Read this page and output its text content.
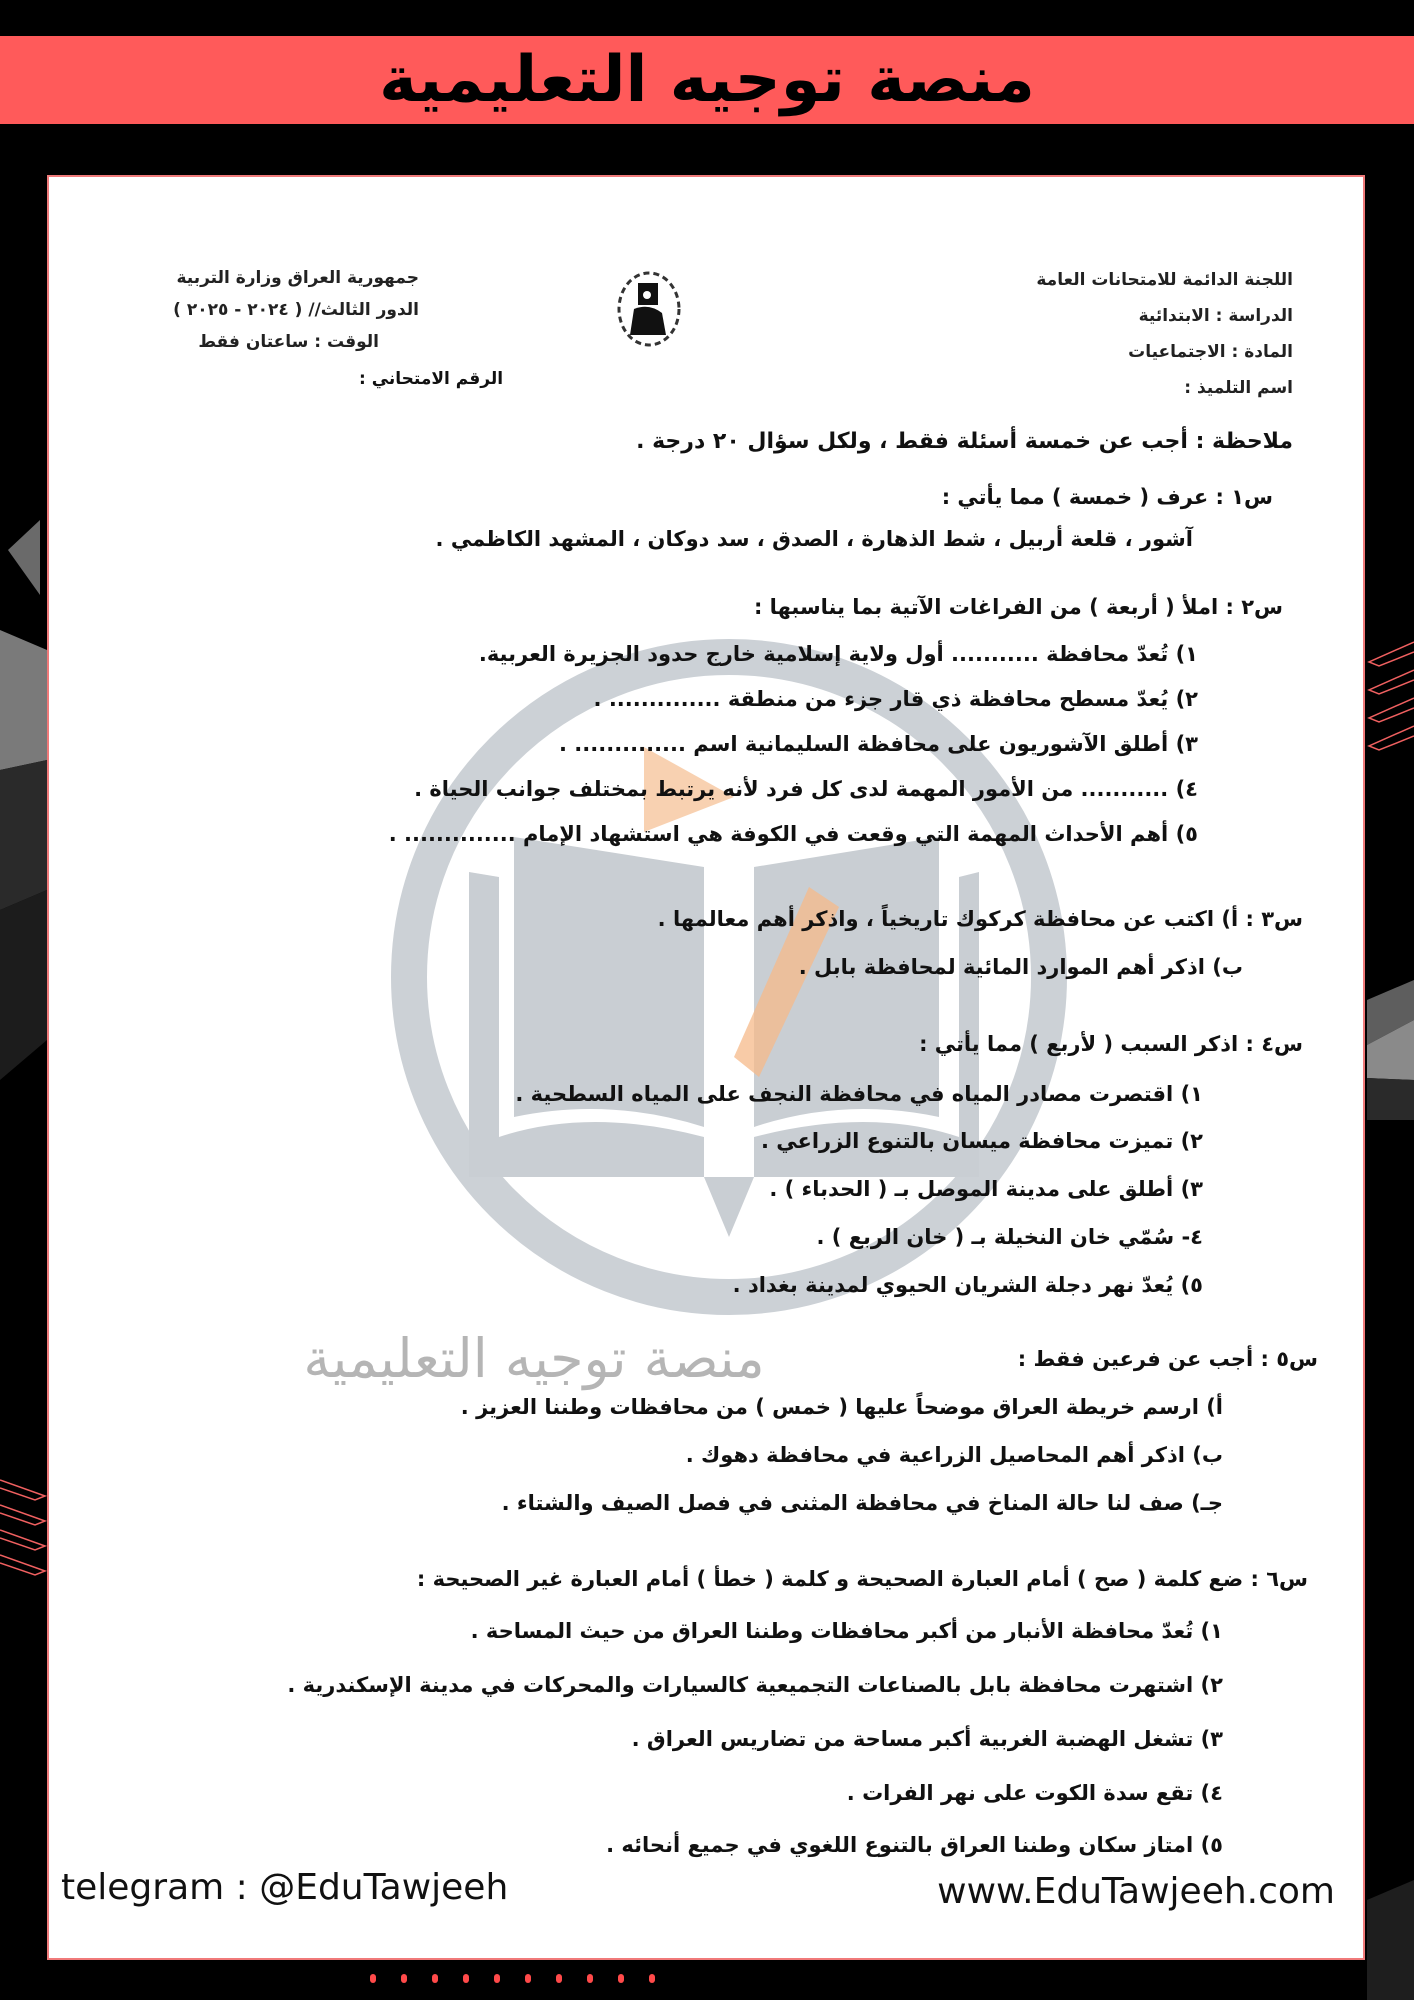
منصة توجيه التعليمية
منصة توجيه التعليمية
اللجنة الدائمة للامتحانات العامة
الدراسة : الابتدائية
المادة : الاجتماعيات
اسم التلميذ :
جمهورية العراق وزارة التربية
الدور الثالث// ( ٢٠٢٤ - ٢٠٢٥ )
الوقت : ساعتان فقط
الرقم الامتحاني :
ملاحظة : أجب عن خمسة أسئلة فقط ، ولكل سؤال ٢٠ درجة .
س١ : عرف ( خمسة ) مما يأتي :
آشور ، قلعة أربيل ، شط الذهارة ، الصدق ، سد دوكان ، المشهد الكاظمي .
س٢ : املأ ( أربعة ) من الفراغات الآتية بما يناسبها :
١) تُعدّ محافظة ........... أول ولاية إسلامية خارج حدود الجزيرة العربية.
٢) يُعدّ مسطح محافظة ذي قار جزء من منطقة .............. .
٣) أطلق الآشوريون على محافظة السليمانية اسم .............. .
٤) ........... من الأمور المهمة لدى كل فرد لأنه يرتبط بمختلف جوانب الحياة .
٥) أهم الأحداث المهمة التي وقعت في الكوفة هي استشهاد الإمام .............. .
س٣ : أ) اكتب عن محافظة كركوك تاريخياً ، واذكر أهم معالمها .
ب) اذكر أهم الموارد المائية لمحافظة بابل .
س٤ : اذكر السبب ( لأربع ) مما يأتي :
١) اقتصرت مصادر المياه في محافظة النجف على المياه السطحية .
٢) تميزت محافظة ميسان بالتنوع الزراعي .
٣) أطلق على مدينة الموصل بـ ( الحدباء ) .
٤- سُمّي خان النخيلة بـ ( خان الربع ) .
٥) يُعدّ نهر دجلة الشريان الحيوي لمدينة بغداد .
س٥ : أجب عن فرعين فقط :
أ) ارسم خريطة العراق موضحاً عليها ( خمس ) من محافظات وطننا العزيز .
ب) اذكر أهم المحاصيل الزراعية في محافظة دهوك .
جـ) صف لنا حالة المناخ في محافظة المثنى في فصل الصيف والشتاء .
س٦ : ضع كلمة ( صح ) أمام العبارة الصحيحة و كلمة ( خطأ ) أمام العبارة غير الصحيحة :
١) تُعدّ محافظة الأنبار من أكبر محافظات وطننا العراق من حيث المساحة .
٢) اشتهرت محافظة بابل بالصناعات التجميعية كالسيارات والمحركات في مدينة الإسكندرية .
٣) تشغل الهضبة الغربية أكبر مساحة من تضاريس العراق .
٤) تقع سدة الكوت على نهر الفرات .
٥) امتاز سكان وطننا العراق بالتنوع اللغوي في جميع أنحائه .
telegram : @EduTawjeeh	www.EduTawjeeh.com
